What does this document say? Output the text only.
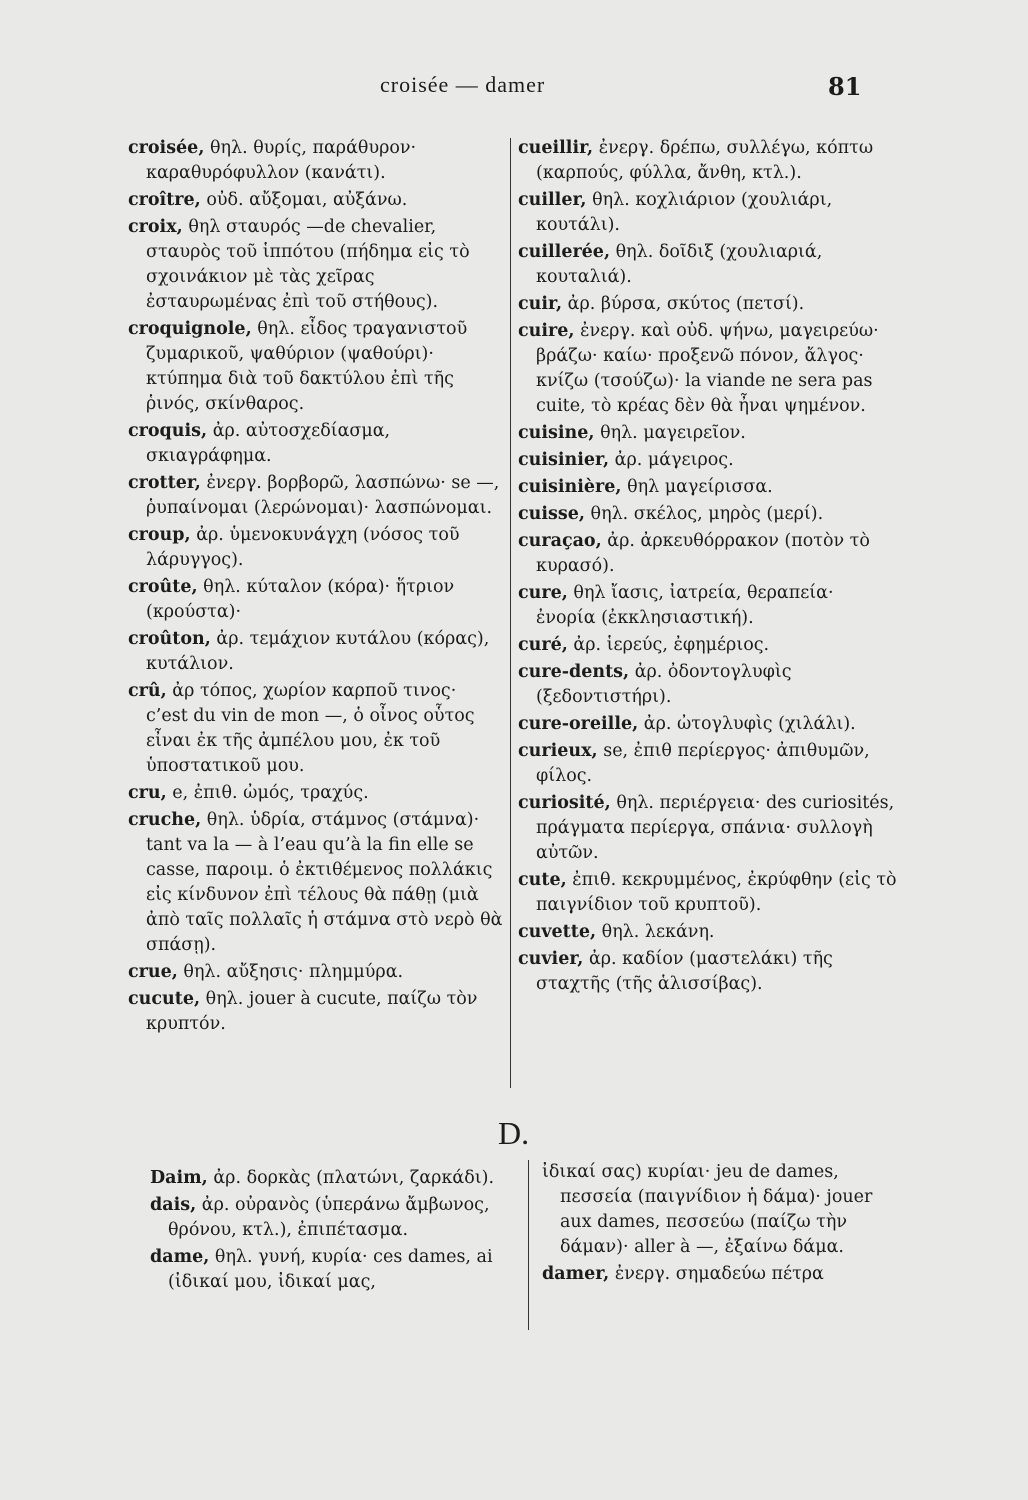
croisée — damer	81

croisée, θηλ. θυρίς, παράθυρον· καραθυρόφυλλον (κανάτι).

croître, οὐδ. αὔξομαι, αὐξάνω.

croix, θηλ σταυρός —de chevalier, σταυρὸς τοῦ ἱππότου (πήδημα εἰς τὸ σχοινάκιον μὲ τὰς χεῖρας ἐσταυρωμένας ἐπὶ τοῦ στήθους).

croquignole, θηλ. εἶδος τραγανιστοῦ ζυμαρικοῦ, ψαθύριον (ψαθούρι)· κτύπημα διὰ τοῦ δακτύλου ἐπὶ τῆς ῥινός, σκίνθαρος.

croquis, ἀρ. αὐτοσχεδίασμα, σκιαγράφημα.

crotter, ἐνεργ. βορβορῶ, λασπώνω· se —, ῥυπαίνομαι (λερώνομαι)· λασπώνομαι.

croup, ἀρ. ὑμενοκυνάγχη (νόσος τοῦ λάρυγγος).

croûte, θηλ. κύταλον (κόρα)· ἥτριον (κρούστα)·

croûton, ἀρ. τεμάχιον κυτάλου (κόρας), κυτάλιον.

crû, ἀρ τόπος, χωρίον καρποῦ τινος· c’est du vin de mon —, ὁ οἶνος οὗτος εἶναι ἐκ τῆς ἀμπέλου μου, ἐκ τοῦ ὑποστατικοῦ μου.

cru, e, ἐπιθ. ὠμός, τραχύς.

cruche, θηλ. ὑδρία, στάμνος (στάμνα)· tant va la — à l’eau qu’à la fin elle se casse, παροιμ. ὁ ἐκτιθέμενος πολλάκις εἰς κίνδυνον ἐπὶ τέλους θὰ πάθῃ (μιὰ ἀπὸ ταῖς πολλαῖς ἡ στάμνα στὸ νερὸ θὰ σπάσῃ).

crue, θηλ. αὔξησις· πλημμύρα.

cucute, θηλ. jouer à cucute, παίζω τὸν κρυπτόν.

cueillir, ἐνεργ. δρέπω, συλλέγω, κόπτω (καρπούς, φύλλα, ἄνθη, κτλ.).

cuiller, θηλ. κοχλιάριον (χουλιάρι, κουτάλι).

cuillerée, θηλ. δοῖδιξ (χουλιαριά, κουταλιά).

cuir, ἀρ. βύρσα, σκύτος (πετσί).

cuire, ἐνεργ. καὶ οὐδ. ψήνω, μαγειρεύω· βράζω· καίω· προξενῶ πόνον, ἄλγος· κνίζω (τσούζω)· la viande ne sera pas cuite, τὸ κρέας δὲν θὰ ἦναι ψημένον.

cuisine, θηλ. μαγειρεῖον.

cuisinier, ἀρ. μάγειρος.

cuisinière, θηλ μαγείρισσα.

cuisse, θηλ. σκέλος, μηρὸς (μερί).

curaçao, ἀρ. ἀρκευθόρρακον (ποτὸν τὸ κυρασό).

cure, θηλ ἴασις, ἰατρεία, θεραπεία· ἐνορία (ἐκκλησιαστική).

curé, ἀρ. ἱερεύς, ἐφημέριος.

cure-dents, ἀρ. ὀδοντογλυφὶς (ξεδοντιστήρι).

cure-oreille, ἀρ. ὠτογλυφὶς (χιλάλι).

curieux, se, ἐπιθ περίεργος· ἀπιθυμῶν, φίλος.

curiosité, θηλ. περιέργεια· des curiosités, πράγματα περίεργα, σπάνια· συλλογὴ αὐτῶν.

cute, ἐπιθ. κεκρυμμένος, ἐκρύφθην (εἰς τὸ παιγνίδιον τοῦ κρυπτοῦ).

cuvette, θηλ. λεκάνη.

cuvier, ἀρ. καδίον (μαστελάκι) τῆς σταχτῆς (τῆς ἁλισσίβας).

D.

Daim, ἀρ. δορκὰς (πλατώνι, ζαρκάδι).

dais, ἀρ. οὐρανὸς (ὑπεράνω ἄμβωνος, θρόνου, κτλ.), ἐπιπέτασμα.

dame, θηλ. γυνή, κυρία· ces dames, ai (ἰδικαί μου, ἰδικαί μας,

ἰδικαί σας) κυρίαι· jeu de dames, πεσσεία (παιγνίδιον ἡ δάμα)· jouer aux dames, πεσσεύω (παίζω τὴν δάμαν)· aller à —, ἐξαίνω δάμα.

damer, ἐνεργ. σημαδεύω πέτρα
